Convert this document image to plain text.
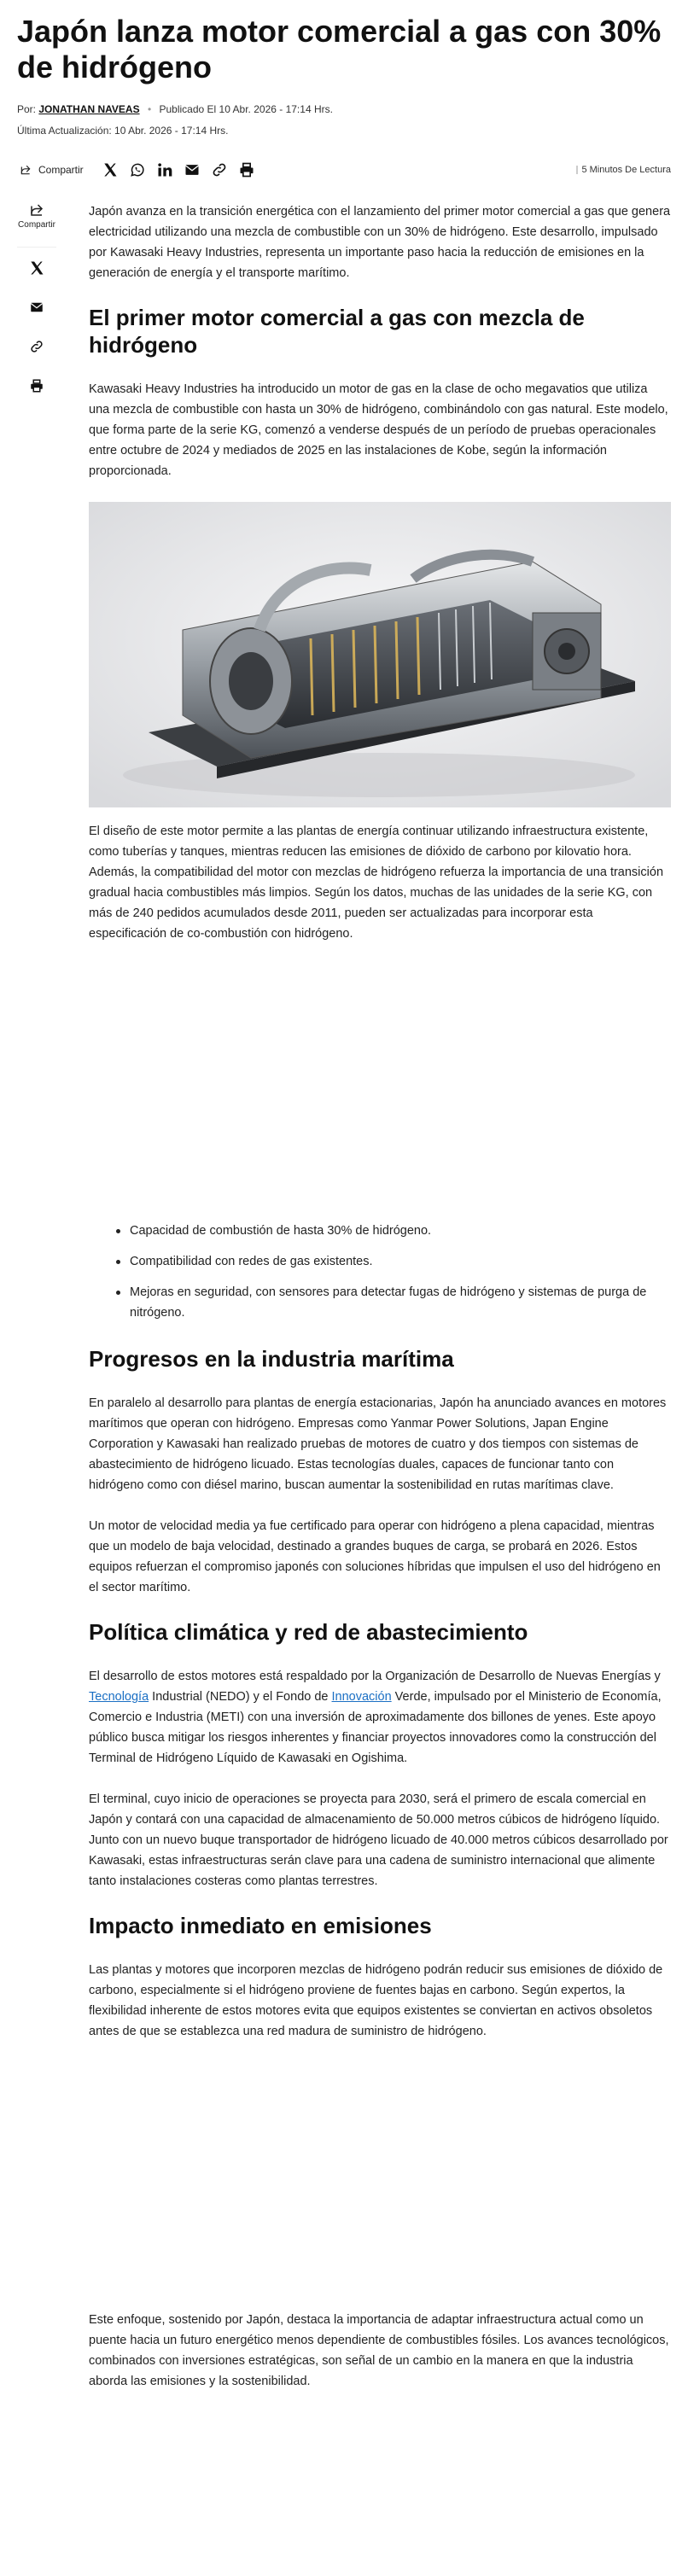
Japón lanza motor comercial a gas con 30% de hidrógeno
Por: JONATHAN NAVEAS • Publicado El 10 Abr. 2026 - 17:14 Hrs.
Última Actualización: 10 Abr. 2026 - 17:14 Hrs.
Compartir	5 Minutos De Lectura
Compartir

Japón avanza en la transición energética con el lanzamiento del primer motor comercial a gas que genera electricidad utilizando una mezcla de combustible con un 30% de hidrógeno. Este desarrollo, impulsado por Kawasaki Heavy Industries, representa un importante paso hacia la reducción de emisiones en la generación de energía y el transporte marítimo.

El primer motor comercial a gas con mezcla de hidrógeno

Kawasaki Heavy Industries ha introducido un motor de gas en la clase de ocho megavatios que utiliza una mezcla de combustible con hasta un 30% de hidrógeno, combinándolo con gas natural. Este modelo, que forma parte de la serie KG, comenzó a venderse después de un período de pruebas operacionales entre octubre de 2024 y mediados de 2025 en las instalaciones de Kobe, según la información proporcionada.

El diseño de este motor permite a las plantas de energía continuar utilizando infraestructura existente, como tuberías y tanques, mientras reducen las emisiones de dióxido de carbono por kilovatio hora. Además, la compatibilidad del motor con mezclas de hidrógeno refuerza la importancia de una transición gradual hacia combustibles más limpios. Según los datos, muchas de las unidades de la serie KG, con más de 240 pedidos acumulados desde 2011, pueden ser actualizadas para incorporar esta especificación de co-combustión con hidrógeno.

Capacidad de combustión de hasta 30% de hidrógeno.
Compatibilidad con redes de gas existentes.
Mejoras en seguridad, con sensores para detectar fugas de hidrógeno y sistemas de purga de nitrógeno.
Progresos en la industria marítima

En paralelo al desarrollo para plantas de energía estacionarias, Japón ha anunciado avances en motores marítimos que operan con hidrógeno. Empresas como Yanmar Power Solutions, Japan Engine Corporation y Kawasaki han realizado pruebas de motores de cuatro y dos tiempos con sistemas de abastecimiento de hidrógeno licuado. Estas tecnologías duales, capaces de funcionar tanto con hidrógeno como con diésel marino, buscan aumentar la sostenibilidad en rutas marítimas clave.

Un motor de velocidad media ya fue certificado para operar con hidrógeno a plena capacidad, mientras que un modelo de baja velocidad, destinado a grandes buques de carga, se probará en 2026. Estos equipos refuerzan el compromiso japonés con soluciones híbridas que impulsen el uso del hidrógeno en el sector marítimo.

Política climática y red de abastecimiento

El desarrollo de estos motores está respaldado por la Organización de Desarrollo de Nuevas Energías y Tecnología Industrial (NEDO) y el Fondo de Innovación Verde, impulsado por el Ministerio de Economía, Comercio e Industria (METI) con una inversión de aproximadamente dos billones de yenes. Este apoyo público busca mitigar los riesgos inherentes y financiar proyectos innovadores como la construcción del Terminal de Hidrógeno Líquido de Kawasaki en Ogishima.

El terminal, cuyo inicio de operaciones se proyecta para 2030, será el primero de escala comercial en Japón y contará con una capacidad de almacenamiento de 50.000 metros cúbicos de hidrógeno líquido. Junto con un nuevo buque transportador de hidrógeno licuado de 40.000 metros cúbicos desarrollado por Kawasaki, estas infraestructuras serán clave para una cadena de suministro internacional que alimente tanto instalaciones costeras como plantas terrestres.

Impacto inmediato en emisiones

Las plantas y motores que incorporen mezclas de hidrógeno podrán reducir sus emisiones de dióxido de carbono, especialmente si el hidrógeno proviene de fuentes bajas en carbono. Según expertos, la flexibilidad inherente de estos motores evita que equipos existentes se conviertan en activos obsoletos antes de que se establezca una red madura de suministro de hidrógeno.

Este enfoque, sostenido por Japón, destaca la importancia de adaptar infraestructura actual como un puente hacia un futuro energético menos dependiente de combustibles fósiles. Los avances tecnológicos, combinados con inversiones estratégicas, son señal de un cambio en la manera en que la industria aborda las emisiones y la sostenibilidad.
